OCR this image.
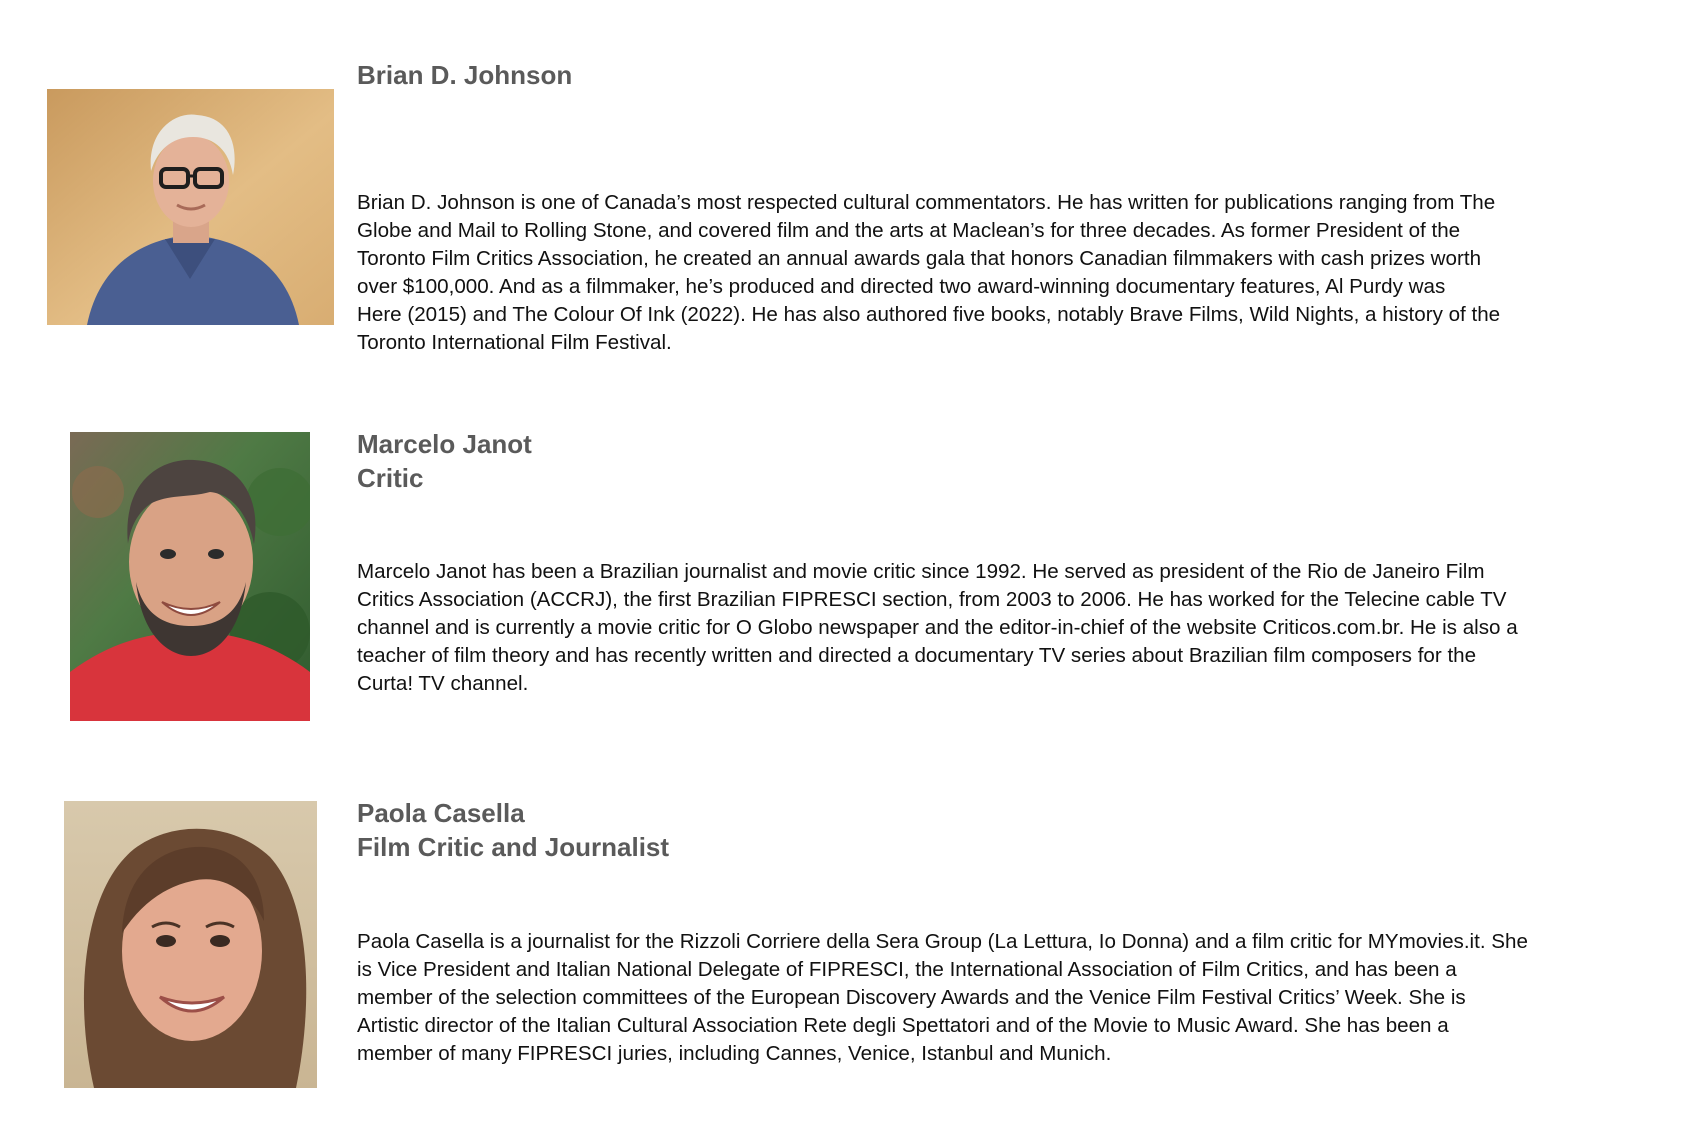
Brian D. Johnson
Brian D. Johnson is one of Canada’s most respected cultural commentators. He has written for publications ranging from The
Globe and Mail to Rolling Stone, and covered film and the arts at Maclean’s for three decades. As former President of the
Toronto Film Critics Association, he created an annual awards gala that honors Canadian filmmakers with cash prizes worth
over $100,000. And as a filmmaker, he’s produced and directed two award-winning documentary features, Al Purdy was
Here (2015) and The Colour Of Ink (2022). He has also authored five books, notably Brave Films, Wild Nights, a history of the
Toronto International Film Festival.
Marcelo Janot
Critic
Marcelo Janot has been a Brazilian journalist and movie critic since 1992. He served as president of the Rio de Janeiro Film
Critics Association (ACCRJ), the first Brazilian FIPRESCI section, from 2003 to 2006. He has worked for the Telecine cable TV
channel and is currently a movie critic for O Globo newspaper and the editor-in-chief of the website Criticos.com.br. He is also a
teacher of film theory and has recently written and directed a documentary TV series about Brazilian film composers for the
Curta! TV channel.
Paola Casella
Film Critic and Journalist
Paola Casella is a journalist for the Rizzoli Corriere della Sera Group (La Lettura, Io Donna) and a film critic for MYmovies.it. She
is Vice President and Italian National Delegate of FIPRESCI, the International Association of Film Critics, and has been a
member of the selection committees of the European Discovery Awards and the Venice Film Festival Critics’ Week. She is
Artistic director of the Italian Cultural Association Rete degli Spettatori and of the Movie to Music Award. She has been a
member of many FIPRESCI juries, including Cannes, Venice, Istanbul and Munich.
